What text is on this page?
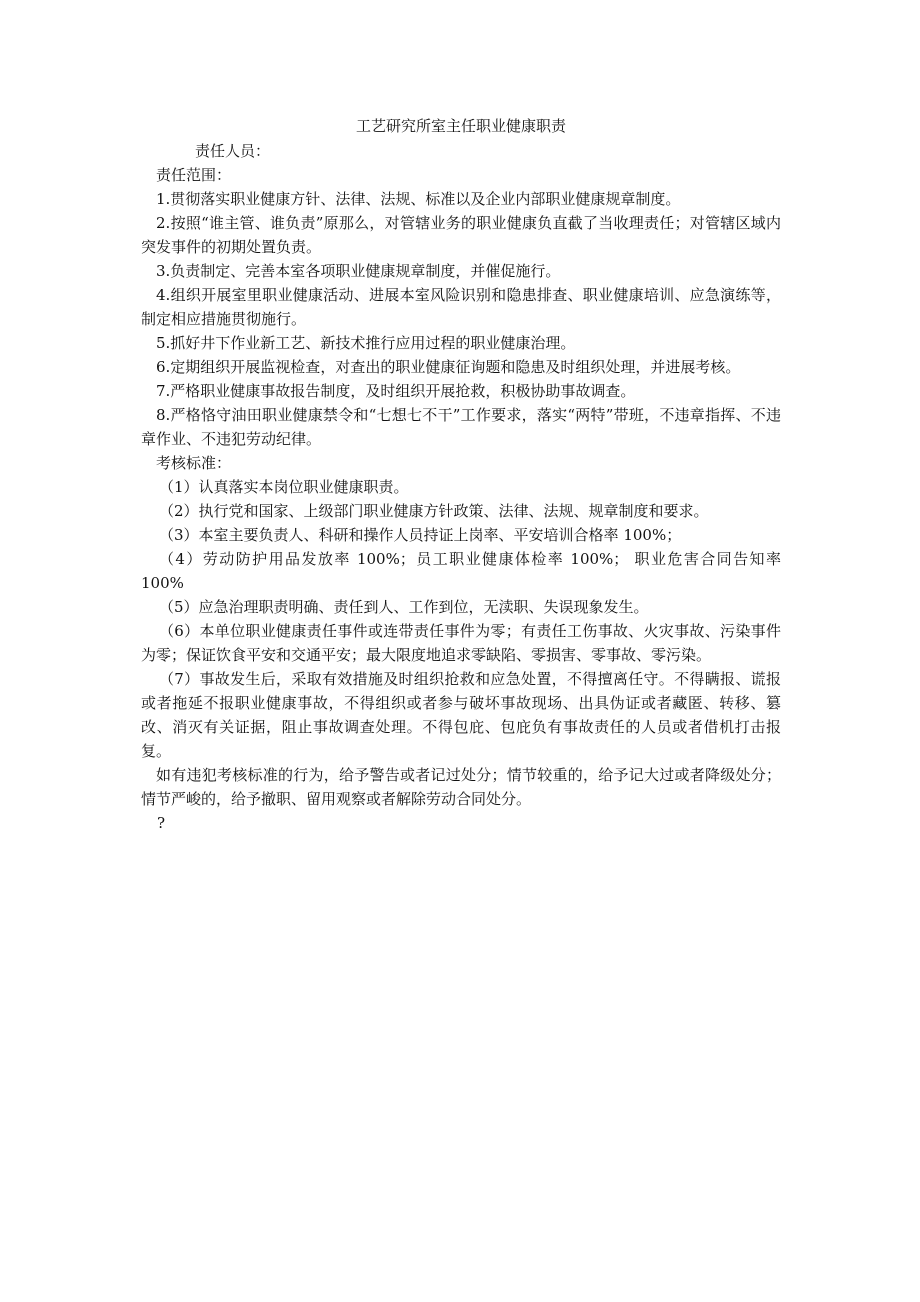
工艺研究所室主任职业健康职责

责任人员：

责任范围：

1.贯彻落实职业健康方针、法律、法规、标准以及企业内部职业健康规章制度。

2.按照“谁主管、谁负责”原那么，对管辖业务的职业健康负直截了当收理责任；对管辖区域内突发事件的初期处置负责。

3.负责制定、完善本室各项职业健康规章制度，并催促施行。

4.组织开展室里职业健康活动、进展本室风险识别和隐患排查、职业健康培训、应急演练等，制定相应措施贯彻施行。

5.抓好井下作业新工艺、新技术推行应用过程的职业健康治理。

6.定期组织开展监视检查，对查出的职业健康征询题和隐患及时组织处理，并进展考核。

7.严格职业健康事故报告制度，及时组织开展抢救，积极协助事故调查。

8.严格恪守油田职业健康禁令和“七想七不干”工作要求，落实“两特”带班，不违章指挥、不违章作业、不违犯劳动纪律。

考核标准：

（1）认真落实本岗位职业健康职责。

（2）执行党和国家、上级部门职业健康方针政策、法律、法规、规章制度和要求。

（3）本室主要负责人、科研和操作人员持证上岗率、平安培训合格率 100%；

（4）劳动防护用品发放率 100%；员工职业健康体检率 100%； 职业危害合同告知率 100%

（5）应急治理职责明确、责任到人、工作到位，无渎职、失误现象发生。

（6）本单位职业健康责任事件或连带责任事件为零；有责任工伤事故、火灾事故、污染事件为零；保证饮食平安和交通平安；最大限度地追求零缺陷、零损害、零事故、零污染。

（7）事故发生后，采取有效措施及时组织抢救和应急处置，不得擅离任守。不得瞒报、谎报或者拖延不报职业健康事故，不得组织或者参与破坏事故现场、出具伪证或者藏匿、转移、篡改、消灭有关证据，阻止事故调查处理。不得包庇、包庇负有事故责任的人员或者借机打击报复。

如有违犯考核标准的行为，给予警告或者记过处分；情节较重的，给予记大过或者降级处分；情节严峻的，给予撤职、留用观察或者解除劳动合同处分。

?
